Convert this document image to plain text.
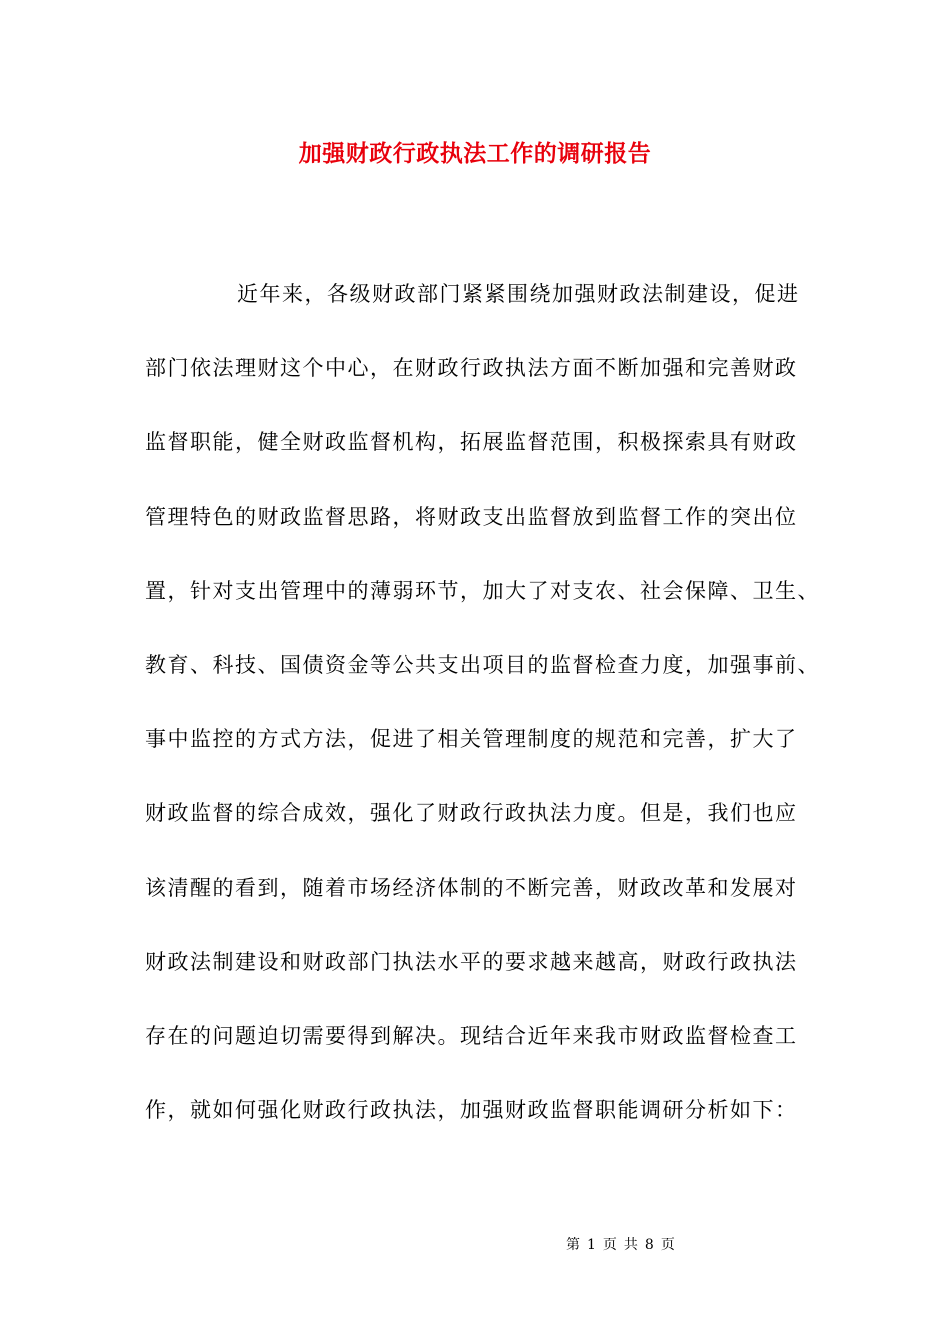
加强财政行政执法工作的调研报告
近年来，各级财政部门紧紧围绕加强财政法制建设，促进
部门依法理财这个中心，在财政行政执法方面不断加强和完善财政
监督职能，健全财政监督机构，拓展监督范围，积极探索具有财政
管理特色的财政监督思路，将财政支出监督放到监督工作的突出位
置，针对支出管理中的薄弱环节，加大了对支农、社会保障、卫生、
教育、科技、国债资金等公共支出项目的监督检查力度，加强事前、
事中监控的方式方法，促进了相关管理制度的规范和完善，扩大了
财政监督的综合成效，强化了财政行政执法力度。但是，我们也应
该清醒的看到，随着市场经济体制的不断完善，财政改革和发展对
财政法制建设和财政部门执法水平的要求越来越高，财政行政执法
存在的问题迫切需要得到解决。现结合近年来我市财政监督检查工
作，就如何强化财政行政执法，加强财政监督职能调研分析如下：
第 1 页 共 8 页
